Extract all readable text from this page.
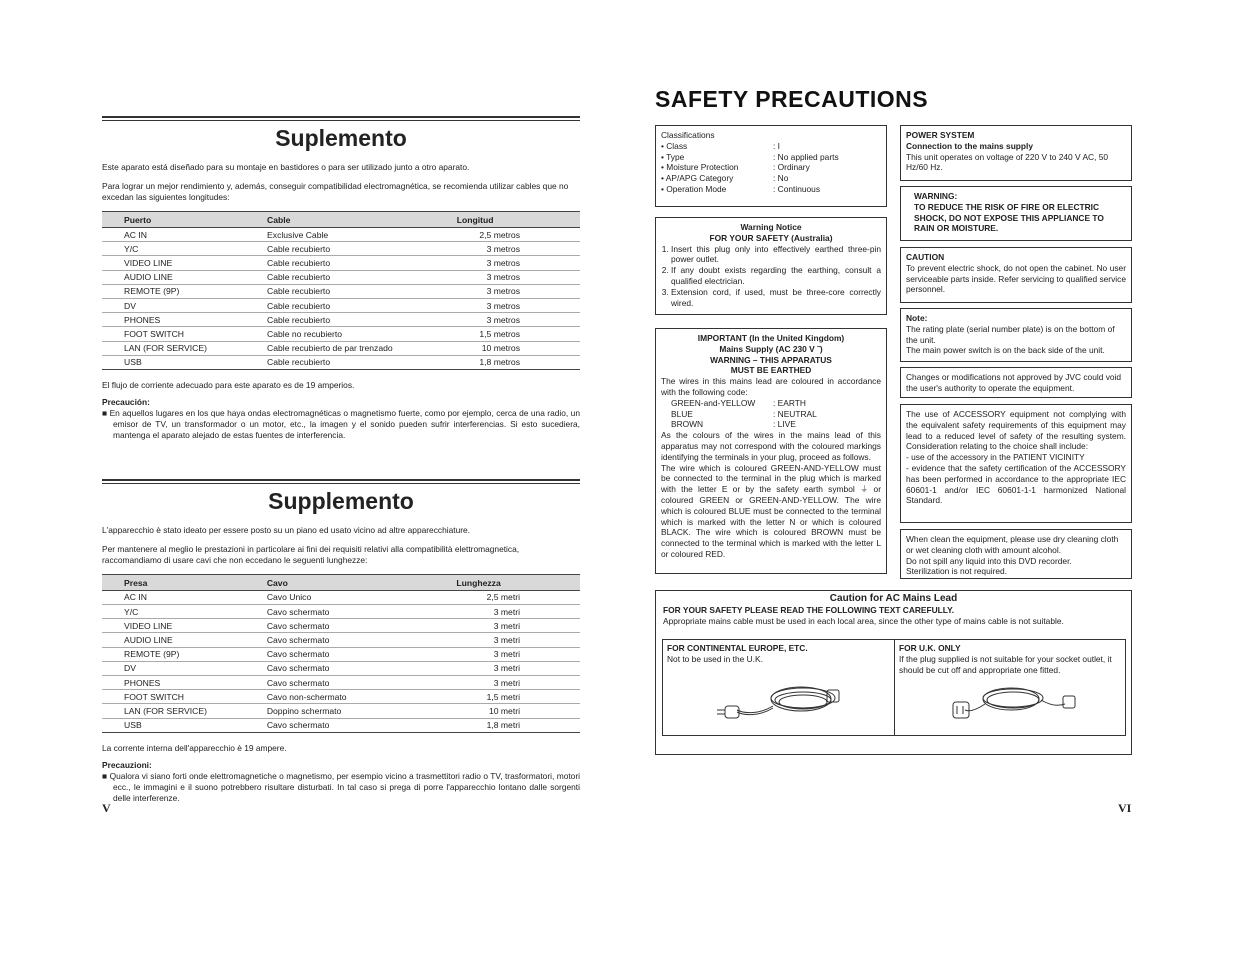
Suplemento

Este aparato está diseñado para su montaje en bastidores o para ser utilizado junto a otro aparato.

Para lograr un mejor rendimiento y, además, conseguir compatibilidad electromagnética, se recomienda utilizar cables que no excedan las siguientes longitudes:

Puerto	Cable	Longitud
AC IN	Exclusive Cable	2,5 metros
Y/C	Cable recubierto	3 metros
VIDEO LINE	Cable recubierto	3 metros
AUDIO LINE	Cable recubierto	3 metros
REMOTE (9P)	Cable recubierto	3 metros
DV	Cable recubierto	3 metros
PHONES	Cable recubierto	3 metros
FOOT SWITCH	Cable no recubierto	1,5 metros
LAN (FOR SERVICE)	Cable recubierto de par trenzado	10 metros
USB	Cable recubierto	1,8 metros

El flujo de corriente adecuado para este aparato es de 19 amperios.

Precaución:
■ En aquellos lugares en los que haya ondas electromagnéticas o magnetismo fuerte, como por ejemplo, cerca de una radio, un emisor de TV, un transformador o un motor, etc., la imagen y el sonido pueden sufrir interferencias. Si esto sucediera, mantenga el aparato alejado de estas fuentes de interferencia.
Supplemento

L'apparecchio è stato ideato per essere posto su un piano ed usato vicino ad altre apparecchiature.

Per mantenere al meglio le prestazioni in particolare ai fini dei requisiti relativi alla compatibilità elettromagnetica, raccomandiamo di usare cavi che non eccedano le seguenti lunghezze:

Presa	Cavo	Lunghezza
AC IN	Cavo Unico	2,5 metri
Y/C	Cavo schermato	3 metri
VIDEO LINE	Cavo schermato	3 metri
AUDIO LINE	Cavo schermato	3 metri
REMOTE (9P)	Cavo schermato	3 metri
DV	Cavo schermato	3 metri
PHONES	Cavo schermato	3 metri
FOOT SWITCH	Cavo non-schermato	1,5 metri
LAN (FOR SERVICE)	Doppino schermato	10 metri
USB	Cavo schermato	1,8 metri

La corrente interna dell'apparecchio è 19 ampere.

Precauzioni:
■ Qualora vi siano forti onde elettromagnetiche o magnetismo, per esempio vicino a trasmettitori radio o TV, trasformatori, motori ecc., le immagini e il suono potrebbero risultare disturbati. In tal caso si prega di porre l'apparecchio lontano dalle sorgenti delle interferenze.
V
SAFETY PRECAUTIONS
Classifications
• Class	: I
• Type	: No applied parts
• Moisture Protection	: Ordinary
• AP/APG Category	: No
• Operation Mode	: Continuous
Warning Notice
FOR YOUR SAFETY (Australia)
1. Insert this plug only into effectively earthed three-pin power outlet.
2. If any doubt exists regarding the earthing, consult a qualified electrician.
3. Extension cord, if used, must be three-core correctly wired.
IMPORTANT (In the United Kingdom)
Mains Supply (AC 230 V ˜)
WARNING – THIS APPARATUS
MUST BE EARTHED
The wires in this mains lead are coloured in accordance with the following code:
GREEN-and-YELLOW	: EARTH
BLUE	: NEUTRAL
BROWN	: LIVE
As the colours of the wires in the mains lead of this apparatus may not correspond with the coloured markings identifying the terminals in your plug, proceed as follows.
The wire which is coloured GREEN-AND-YELLOW must be connected to the terminal in the plug which is marked with the letter E or by the safety earth symbol ⏚ or coloured GREEN or GREEN-AND-YELLOW. The wire which is coloured BLUE must be connected to the terminal which is marked with the letter N or which is coloured BLACK. The wire which is coloured BROWN must be connected to the terminal which is marked with the letter L or coloured RED.
POWER SYSTEM
Connection to the mains supply
This unit operates on voltage of 220 V to 240 V AC, 50 Hz/60 Hz.
WARNING:
TO REDUCE THE RISK OF FIRE OR ELECTRIC SHOCK, DO NOT EXPOSE THIS APPLIANCE TO RAIN OR MOISTURE.
CAUTION
To prevent electric shock, do not open the cabinet. No user serviceable parts inside. Refer servicing to qualified service personnel.
Note:
The rating plate (serial number plate) is on the bottom of the unit.
The main power switch is on the back side of the unit.
Changes or modifications not approved by JVC could void the user's authority to operate the equipment.
The use of ACCESSORY equipment not complying with the equivalent safety requirements of this equipment may lead to a reduced level of safety of the resulting system. Consideration relating to the choice shall include:
- use of the accessory in the PATIENT VICINITY
- evidence that the safety certification of the ACCESSORY has been performed in accordance to the appropriate IEC 60601-1 and/or IEC 60601-1-1 harmonized National Standard.
When clean the equipment, please use dry cleaning cloth or wet cleaning cloth with amount alcohol.
Do not spill any liquid into this DVD recorder.
Sterilization is not required.
Caution for AC Mains Lead
FOR YOUR SAFETY PLEASE READ THE FOLLOWING TEXT CAREFULLY.
Appropriate mains cable must be used in each local area, since the other type of mains cable is not suitable.
FOR CONTINENTAL EUROPE, ETC.
Not to be used in the U.K.
FOR U.K. ONLY
If the plug supplied is not suitable for your socket outlet, it should be cut off and appropriate one fitted.
VI
